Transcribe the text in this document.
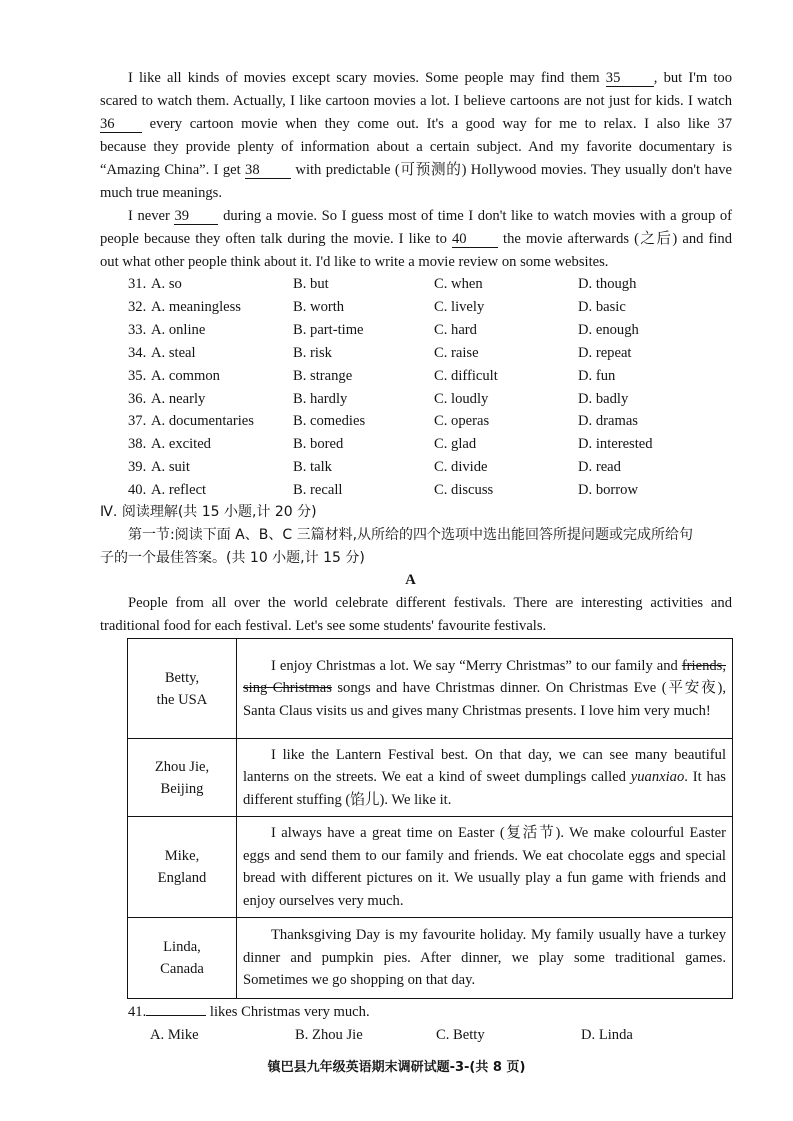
I like all kinds of movies except scary movies. Some people may find them 35 , but I'm too
scared to watch them. Actually, I like cartoon movies a lot. I believe cartoons are not just for kids. I watch
36 every cartoon movie when they come out. It's a good way for me to relax. I also like 37
because they provide plenty of information about a certain subject. And my favorite documentary is
“Amazing China”. I get 38 with predictable (可预测的) Hollywood movies. They usually don't have
much true meanings.
I never 39 during a movie. So I guess most of time I don't like to watch movies with a group of
people because they often talk during the movie. I like to 40 the movie afterwards (之后) and find
out what other people think about it. I'd like to write a movie review on some websites.
31. A. so	B. but	C. when	D. though
32. A. meaningless	B. worth	C. lively	D. basic
33. A. online	B. part-time	C. hard	D. enough
34. A. steal	B. risk	C. raise	D. repeat
35. A. common	B. strange	C. difficult	D. fun
36. A. nearly	B. hardly	C. loudly	D. badly
37. A. documentaries	B. comedies	C. operas	D. dramas
38. A. excited	B. bored	C. glad	D. interested
39. A. suit	B. talk	C. divide	D. read
40. A. reflect	B. recall	C. discuss	D. borrow
Ⅳ. 阅读理解(共 15 小题,计 20 分)
第一节:阅读下面 A、B、C 三篇材料,从所给的四个选项中选出能回答所提问题或完成所给句
子的一个最佳答案。(共 10 小题,计 15 分)
A
People from all over the world celebrate different festivals. There are interesting activities and
traditional food for each festival. Let's see some students' favourite festivals.
Betty,
the USA	I enjoy Christmas a lot. We say “Merry Christmas” to our family and friends, sing Christmas songs and have Christmas dinner. On Christmas Eve (平安夜), Santa Claus visits us and gives many Christmas presents. I love him very much!

Zhou Jie,
Beijing	I like the Lantern Festival best. On that day, we can see many beautiful lanterns on the streets. We eat a kind of sweet dumplings called yuanxiao. It has different stuffing (馅儿). We like it.

Mike,
England	I always have a great time on Easter (复活节). We make colourful Easter eggs and send them to our family and friends. We eat chocolate eggs and special bread with different pictures on it. We usually play a fun game with friends and enjoy ourselves very much.

Linda,
Canada	Thanksgiving Day is my favourite holiday. My family usually have a turkey dinner and pumpkin pies. After dinner, we play some traditional games. Sometimes we go shopping on that day.
41.	likes Christmas very much.
A. Mike	B. Zhou Jie	C. Betty	D. Linda
镇巴县九年级英语期末调研试题-3-(共 8 页)
